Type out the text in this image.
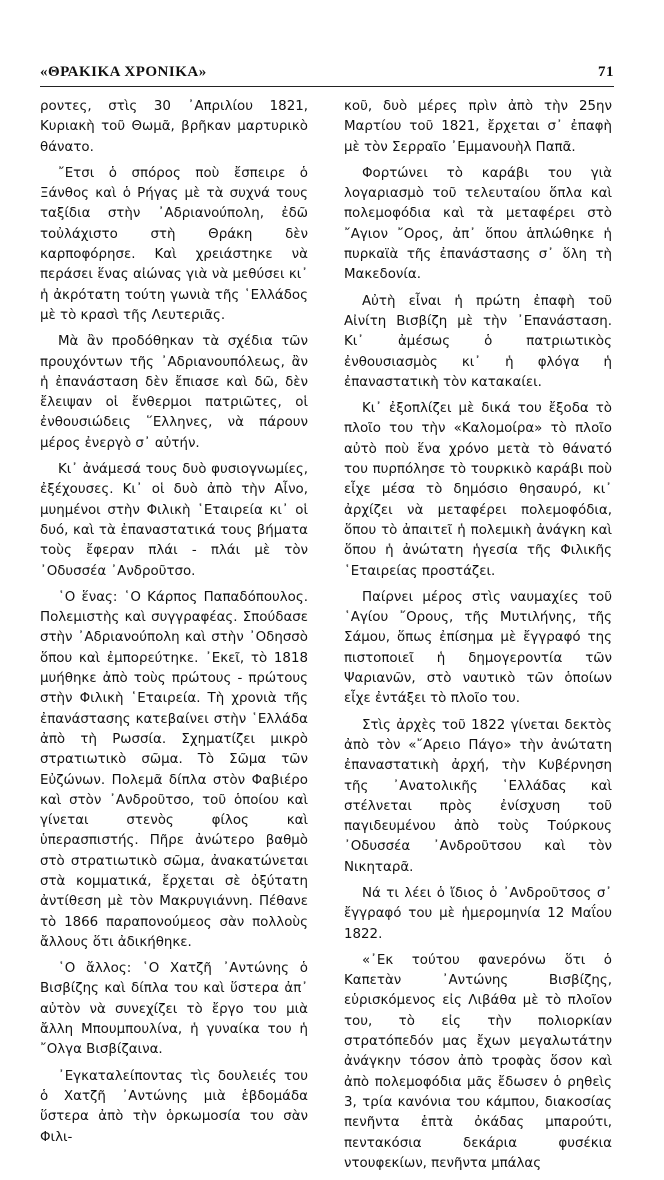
«ΘΡΑΚΙΚΑ ΧΡΟΝΙΚΑ»	71

ροντες, στὶς 30 ᾿Απριλίου 1821, Κυριακὴ τοῦ Θωμᾶ, βρῆκαν μαρτυρικὸ θάνατο.

῎Ετσι ὁ σπόρος ποὺ ἔσπειρε ὁ Ξάνθος καὶ ὁ Ρήγας μὲ τὰ συχνά τους ταξίδια στὴν ᾿Αδριανούπολη, ἐδῶ τοὐλάχιστο στὴ Θράκη δὲν καρποφόρησε. Καὶ χρειάστηκε νὰ περάσει ἕνας αἰώνας γιὰ νὰ μεθύσει κι᾿ ἡ ἀκρότατη τούτη γωνιὰ τῆς ῾Ελλάδος μὲ τὸ κρασὶ τῆς Λευτεριᾶς.

Μὰ ἂν προδόθηκαν τὰ σχέδια τῶν προυχόντων τῆς ᾿Αδριανουπόλεως, ἂν ἡ ἐπανάσταση δὲν ἔπιασε καὶ δῶ, δὲν ἔλειψαν οἱ ἔνθερμοι πατριῶτες, οἱ ἐνθουσιώδεις ῞Ελληνες, νὰ πάρουν μέρος ἐνεργὸ σ᾿ αὐτήν.

Κι᾿ ἀνάμεσά τους δυὸ φυσιογνωμίες, ἐξέχουσες. Κι᾿ οἱ δυὸ ἀπὸ τὴν Αἶνο, μυημένοι στὴν Φιλικὴ ῾Εταιρεία κι᾿ οἱ δυό, καὶ τὰ ἐπαναστατικά τους βήματα τοὺς ἔφεραν πλάι - πλάι μὲ τὸν ᾿Οδυσσέα ᾿Ανδροῦτσο.

῾Ο ἕνας: ῾Ο Κάρπος Παπαδόπουλος. Πολεμιστὴς καὶ συγγραφέας. Σπούδασε στὴν ᾿Αδριανούπολη καὶ στὴν ᾿Οδησσὸ ὅπου καὶ ἐμπορεύτηκε. ᾿Εκεῖ, τὸ 1818 μυήθηκε ἀπὸ τοὺς πρώτους - πρώτους στὴν Φιλικὴ ῾Εταιρεία. Τὴ χρονιὰ τῆς ἐπανάστασης κατεβαίνει στὴν ῾Ελλάδα ἀπὸ τὴ Ρωσσία. Σχηματίζει μικρὸ στρατιωτικὸ σῶμα. Τὸ Σῶμα τῶν Εὐζώνων. Πολεμᾶ δίπλα στὸν Φαβιέρο καὶ στὸν ᾿Ανδροῦτσο, τοῦ ὁποίου καὶ γίνεται στενὸς φίλος καὶ ὑπερασπιστής. Πῆρε ἀνώτερο βαθμὸ στὸ στρατιωτικὸ σῶμα, ἀνακατώνεται στὰ κομματικά, ἔρχεται σὲ ὀξύτατη ἀντίθεση μὲ τὸν Μακρυγιάννη. Πέθανε τὸ 1866 παραπονούμεος σὰν πολλοὺς ἄλλους ὅτι ἀδικήθηκε.

῾Ο ἄλλος: ῾Ο Χατζῆ ᾿Αντώνης ὁ Βισβίζης καὶ δίπλα του καὶ ὕστερα ἀπ᾿ αὐτὸν νὰ συνεχίζει τὸ ἔργο του μιὰ ἄλλη Μπουμπουλίνα, ἡ γυναίκα του ἡ ῎Ολγα Βισβίζαινα.

᾿Εγκαταλείποντας τὶς δουλειές του ὁ Χατζῆ ᾿Αντώνης μιὰ ἑβδομάδα ὕστερα ἀπὸ τὴν ὁρκωμοσία του σὰν Φιλι-

κοῦ, δυὸ μέρες πρὶν ἀπὸ τὴν 25ην Μαρτίου τοῦ 1821, ἔρχεται σ᾿ ἐπαφὴ μὲ τὸν Σερραῖο ᾿Εμμανουὴλ Παπᾶ.

Φορτώνει τὸ καράβι του γιὰ λογαριασμὸ τοῦ τελευταίου ὅπλα καὶ πολεμοφόδια καὶ τὰ μεταφέρει στὸ ῎Αγιον ῎Ορος, ἀπ᾿ ὅπου ἁπλώθηκε ἡ πυρκαϊὰ τῆς ἐπανάστασης σ᾿ ὅλη τὴ Μακεδονία.

Αὐτὴ εἶναι ἡ πρώτη ἐπαφὴ τοῦ Αἰνίτη Βισβίζη μὲ τὴν ᾿Επανάσταση. Κι᾿ ἀμέσως ὁ πατριωτικὸς ἐνθουσιασμὸς κι᾿ ἡ φλόγα ἡ ἐπαναστατικὴ τὸν κατακαίει.

Κι᾿ ἐξοπλίζει μὲ δικά του ἔξοδα τὸ πλοῖο του τὴν «Καλομοίρα» τὸ πλοῖο αὐτὸ ποὺ ἕνα χρόνο μετὰ τὸ θάνατό του πυρπόλησε τὸ τουρκικὸ καράβι ποὺ εἶχε μέσα τὸ δημόσιο θησαυρό, κι᾿ ἀρχίζει νὰ μεταφέρει πολεμοφόδια, ὅπου τὸ ἀπαιτεῖ ἡ πολεμικὴ ἀνάγκη καὶ ὅπου ἡ ἀνώτατη ἡγεσία τῆς Φιλικῆς ῾Εταιρείας προστάζει.

Παίρνει μέρος στὶς ναυμαχίες τοῦ ῾Αγίου ῎Ορους, τῆς Μυτιλήνης, τῆς Σάμου, ὅπως ἐπίσημα μὲ ἔγγραφό της πιστοποιεῖ ἡ δημογεροντία τῶν Ψαριανῶν, στὸ ναυτικὸ τῶν ὁποίων εἶχε ἐντάξει τὸ πλοῖο του.

Στὶς ἀρχὲς τοῦ 1822 γίνεται δεκτὸς ἀπὸ τὸν «῎Αρειο Πάγο» τὴν ἀνώτατη ἐπαναστατικὴ ἀρχή, τὴν Κυβέρνηση τῆς ᾿Ανατολικῆς ῾Ελλάδας καὶ στέλνεται πρὸς ἐνίσχυση τοῦ παγιδευμένου ἀπὸ τοὺς Τούρκους ᾿Οδυσσέα ᾿Ανδροῦτσου καὶ τὸν Νικηταρᾶ.

Νά τι λέει ὁ ἴδιος ὁ ᾿Ανδροῦτσος σ᾿ ἔγγραφό του μὲ ἡμερομηνία 12 Μαΐου 1822.

«᾿Εκ τούτου φανερόνω ὅτι ὁ Καπετὰν ᾿Αντώνης Βισβίζης, εὑρισκόμενος εἰς Λιβάθα μὲ τὸ πλοῖον του, τὸ εἰς τὴν πολιορκίαν στρατόπεδόν μας ἔχων μεγαλωτάτην ἀνάγκην τόσον ἀπὸ τροφὰς ὅσον καὶ ἀπὸ πολεμοφόδια μᾶς ἔδωσεν ὁ ρηθεὶς 3, τρία κανόνια του κάμπου, διακοσίας πενῆντα ἑπτὰ ὀκάδας μπαρούτι, πεντακόσια δεκάρια φυσέκια ντουφεκίων, πενῆντα μπάλας
